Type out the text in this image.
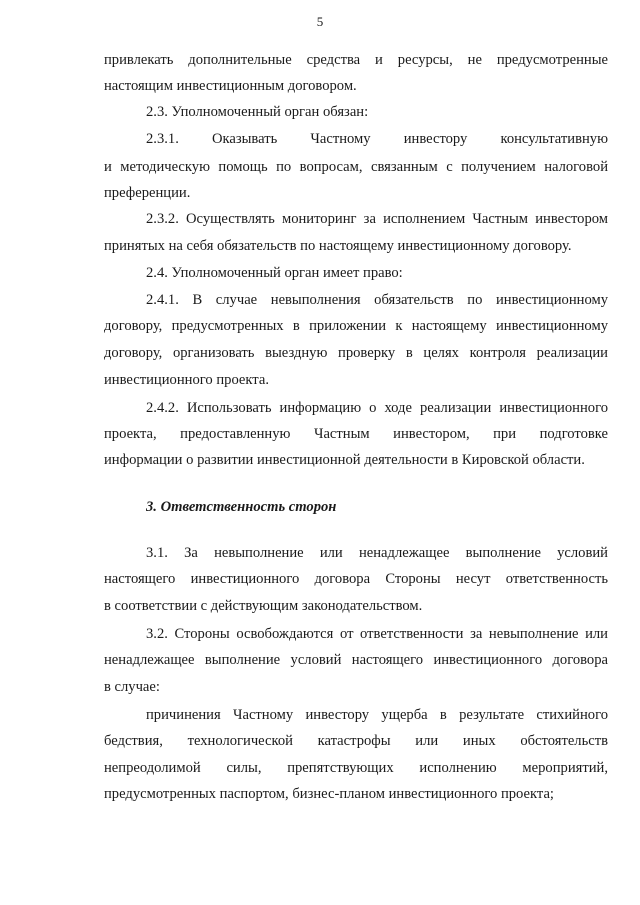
5
привлекать дополнительные средства и ресурсы, не предусмотренные
настоящим инвестиционным договором.
2.3. Уполномоченный орган обязан:
2.3.1. Оказывать Частному инвестору консультативную
и методическую помощь по вопросам, связанным с получением налоговой
преференции.
2.3.2. Осуществлять мониторинг за исполнением Частным инвестором
принятых на себя обязательств по настоящему инвестиционному договору.
2.4. Уполномоченный орган имеет право:
2.4.1. В случае невыполнения обязательств по инвестиционному
договору, предусмотренных в приложении к настоящему инвестиционному
договору, организовать выездную проверку в целях контроля реализации
инвестиционного проекта.
2.4.2. Использовать информацию о ходе реализации инвестиционного
проекта, предоставленную Частным инвестором, при подготовке
информации о развитии инвестиционной деятельности в Кировской области.
3. Ответственность сторон
3.1. За невыполнение или ненадлежащее выполнение условий
настоящего инвестиционного договора Стороны несут ответственность
в соответствии с действующим законодательством.
3.2. Стороны освобождаются от ответственности за невыполнение или
ненадлежащее выполнение условий настоящего инвестиционного договора
в случае:
причинения Частному инвестору ущерба в результате стихийного
бедствия, технологической катастрофы или иных обстоятельств
непреодолимой силы, препятствующих исполнению мероприятий,
предусмотренных паспортом, бизнес-планом инвестиционного проекта;
